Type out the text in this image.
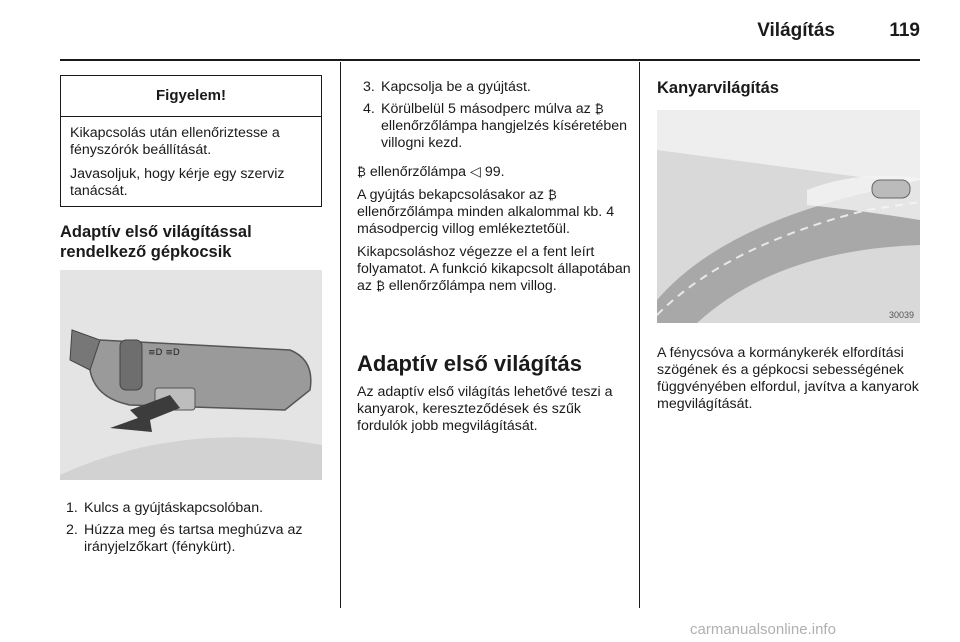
Világítás	119
Figyelem!

Kikapcsolás után ellenőriztesse a fényszórók beállítását.

Javasoljuk, hogy kérje egy szerviz tanácsát.

Adaptív első világítással rendelkező gépkocsik
≡D ≡D
1. Kulcs a gyújtáskapcsolóban.
2. Húzza meg és tartsa meghúzva az irányjelzőkart (fénykürt).
3. Kapcsolja be a gyújtást.
4. Körülbelül 5 másodperc múlva az ₿ ellenőrzőlámpa hangjelzés kíséretében villogni kezd.

₿ ellenőrzőlámpa ◁ 99.

A gyújtás bekapcsolásakor az ₿ ellenőrzőlámpa minden alkalommal kb. 4 másodpercig villog emlékeztetőül.

Kikapcsoláshoz végezze el a fent leírt folyamatot. A funkció kikapcsolt állapotában az ₿ ellenőrzőlámpa nem villog.

Adaptív első világítás
Az adaptív első világítás lehetővé teszi a kanyarok, kereszteződések és szűk fordulók jobb megvilágítását.
Kanyarvilágítás
30039
A fénycsóva a kormánykerék elfordítási szögének és a gépkocsi sebességének függvényében elfordul, javítva a kanyarok megvilágítását.
carmanualsonline.info
